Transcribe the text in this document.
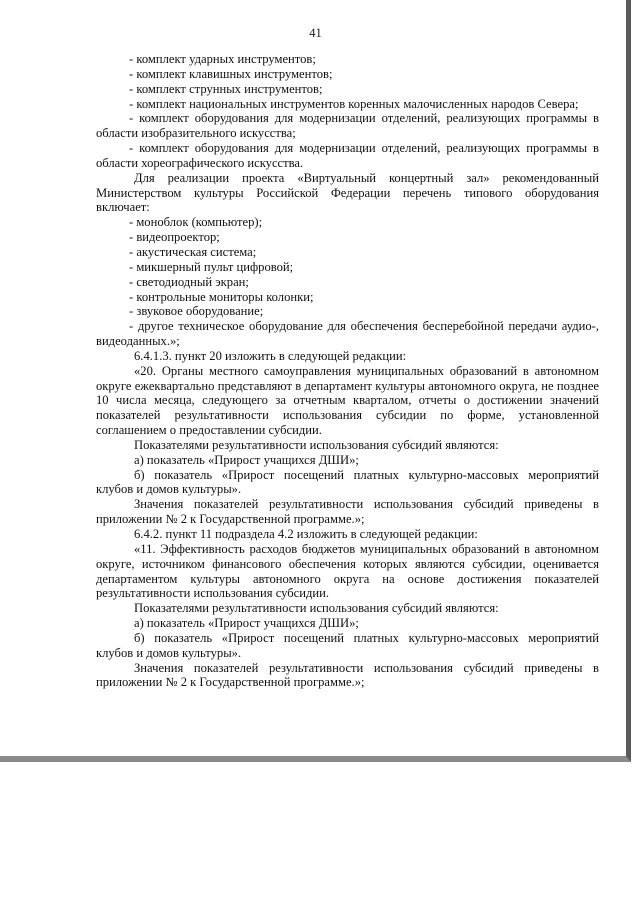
41

- комплект ударных инструментов;

- комплект клавишных инструментов;

- комплект струнных инструментов;

- комплект национальных инструментов коренных малочисленных народов Севера;

- комплект оборудования для модернизации отделений, реализующих программы в области изобразительного искусства;

- комплект оборудования для модернизации отделений, реализующих программы в области хореографического искусства.

Для реализации проекта «Виртуальный концертный зал» рекомендованный Министерством культуры Российской Федерации перечень типового оборудования включает:

- моноблок (компьютер);

- видеопроектор;

- акустическая система;

- микшерный пульт цифровой;

- светодиодный экран;

- контрольные мониторы колонки;

- звуковое оборудование;

- другое техническое оборудование для обеспечения бесперебойной передачи аудио-, видеоданных.»;

6.4.1.3. пункт 20 изложить в следующей редакции:

«20. Органы местного самоуправления муниципальных образований в автономном округе ежеквартально представляют в департамент культуры автономного округа, не позднее 10 числа месяца, следующего за отчетным кварталом, отчеты о достижении значений показателей результативности использования субсидии по форме, установленной соглашением о предоставлении субсидии.

Показателями результативности использования субсидий являются:

а) показатель «Прирост учащихся ДШИ»;

б) показатель «Прирост посещений платных культурно-массовых мероприятий клубов и домов культуры».

Значения показателей результативности использования субсидий приведены в приложении № 2 к Государственной программе.»;

6.4.2. пункт 11 подраздела 4.2 изложить в следующей редакции:

«11. Эффективность расходов бюджетов муниципальных образований в автономном округе, источником финансового обеспечения которых являются субсидии, оценивается департаментом культуры автономного округа на основе достижения показателей результативности использования субсидии.

Показателями результативности использования субсидий являются:

а) показатель «Прирост учащихся ДШИ»;

б) показатель «Прирост посещений платных культурно-массовых мероприятий клубов и домов культуры».

Значения показателей результативности использования субсидий приведены в приложении № 2 к Государственной программе.»;
